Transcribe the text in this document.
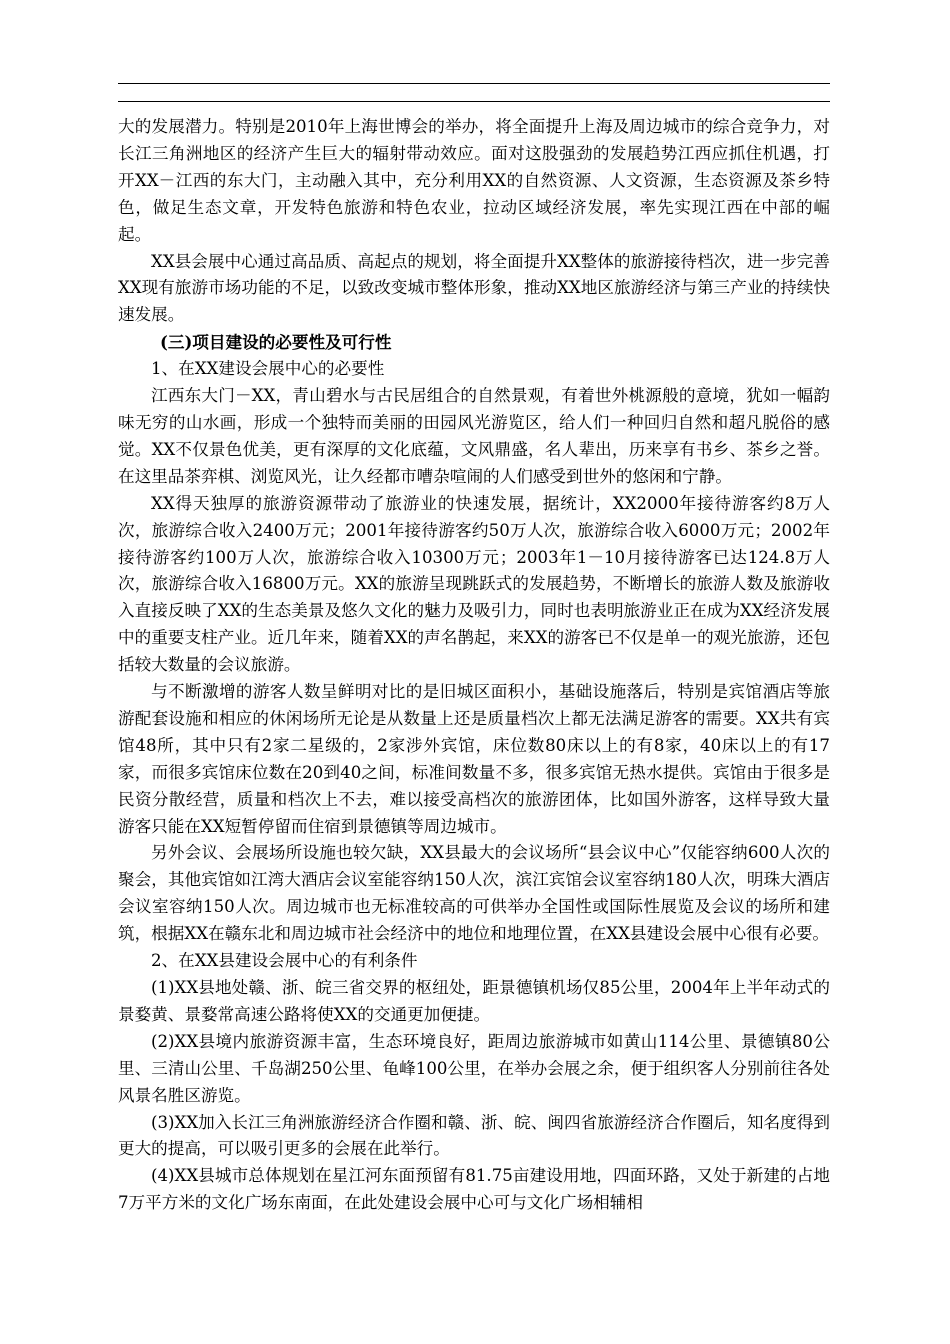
大的发展潜力。特别是2010年上海世博会的举办，将全面提升上海及周边城市的综合竞争力，对长江三角洲地区的经济产生巨大的辐射带动效应。面对这股强劲的发展趋势江西应抓住机遇，打开XX－江西的东大门，主动融入其中，充分利用XX的自然资源、人文资源，生态资源及茶乡特色，做足生态文章，开发特色旅游和特色农业，拉动区域经济发展，率先实现江西在中部的崛起。

XX县会展中心通过高品质、高起点的规划，将全面提升XX整体的旅游接待档次，进一步完善XX现有旅游市场功能的不足，以致改变城市整体形象，推动XX地区旅游经济与第三产业的持续快速发展。

(三)项目建设的必要性及可行性

1、在XX建设会展中心的必要性

江西东大门－XX，青山碧水与古民居组合的自然景观，有着世外桃源般的意境，犹如一幅韵味无穷的山水画，形成一个独特而美丽的田园风光游览区，给人们一种回归自然和超凡脱俗的感觉。XX不仅景色优美，更有深厚的文化底蕴，文风鼎盛，名人辈出，历来享有书乡、茶乡之誉。在这里品茶弈棋、浏览风光，让久经都市嘈杂喧闹的人们感受到世外的悠闲和宁静。

XX得天独厚的旅游资源带动了旅游业的快速发展，据统计，XX2000年接待游客约8万人次，旅游综合收入2400万元；2001年接待游客约50万人次，旅游综合收入6000万元；2002年接待游客约100万人次，旅游综合收入10300万元；2003年1－10月接待游客已达124.8万人次，旅游综合收入16800万元。XX的旅游呈现跳跃式的发展趋势，不断增长的旅游人数及旅游收入直接反映了XX的生态美景及悠久文化的魅力及吸引力，同时也表明旅游业正在成为XX经济发展中的重要支柱产业。近几年来，随着XX的声名鹊起，来XX的游客已不仅是单一的观光旅游，还包括较大数量的会议旅游。

与不断激增的游客人数呈鲜明对比的是旧城区面积小，基础设施落后，特别是宾馆酒店等旅游配套设施和相应的休闲场所无论是从数量上还是质量档次上都无法满足游客的需要。XX共有宾馆48所，其中只有2家二星级的，2家涉外宾馆，床位数80床以上的有8家，40床以上的有17家，而很多宾馆床位数在20到40之间，标准间数量不多，很多宾馆无热水提供。宾馆由于很多是民资分散经营，质量和档次上不去，难以接受高档次的旅游团体，比如国外游客，这样导致大量游客只能在XX短暂停留而住宿到景德镇等周边城市。

另外会议、会展场所设施也较欠缺，XX县最大的会议场所“县会议中心”仅能容纳600人次的聚会，其他宾馆如江湾大酒店会议室能容纳150人次，滨江宾馆会议室容纳180人次，明珠大酒店会议室容纳150人次。周边城市也无标准较高的可供举办全国性或国际性展览及会议的场所和建筑，根据XX在赣东北和周边城市社会经济中的地位和地理位置，在XX县建设会展中心很有必要。

2、在XX县建设会展中心的有利条件

(1)XX县地处赣、浙、皖三省交界的枢纽处，距景德镇机场仅85公里，2004年上半年动式的景婺黄、景婺常高速公路将使XX的交通更加便捷。

(2)XX县境内旅游资源丰富，生态环境良好，距周边旅游城市如黄山114公里、景德镇80公里、三清山公里、千岛湖250公里、龟峰100公里，在举办会展之余，便于组织客人分别前往各处风景名胜区游览。

(3)XX加入长江三角洲旅游经济合作圈和赣、浙、皖、闽四省旅游经济合作圈后，知名度得到更大的提高，可以吸引更多的会展在此举行。

(4)XX县城市总体规划在星江河东面预留有81.75亩建设用地，四面环路，又处于新建的占地7万平方米的文化广场东南面，在此处建设会展中心可与文化广场相辅相
